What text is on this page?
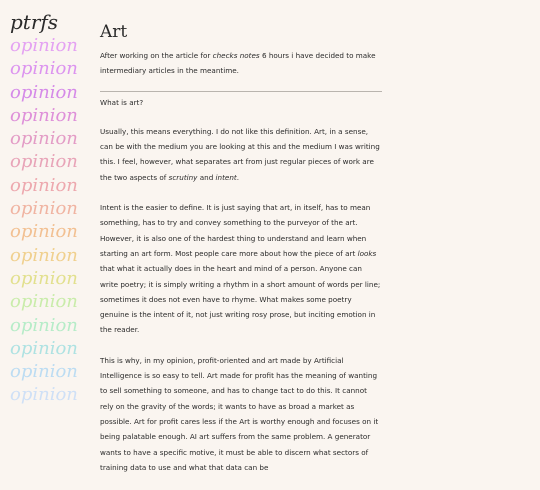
ptrfs
opinion
opinion
opinion
opinion
opinion
opinion
opinion
opinion
opinion
opinion
opinion
opinion
opinion
opinion
opinion
opinion
Art

After working on the article for checks notes 6 hours i have decided to make intermediary articles in the meantime.

What is art?

Usually, this means everything. I do not like this definition. Art, in a sense, can be with the medium you are looking at this and the medium I was writing this. I feel, however, what separates art from just regular pieces of work are the two aspects of scrutiny and intent.

Intent is the easier to define. It is just saying that art, in itself, has to mean something, has to try and convey something to the purveyor of the art. However, it is also one of the hardest thing to understand and learn when starting an art form. Most people care more about how the piece of art looks that what it actually does in the heart and mind of a person. Anyone can write poetry; it is simply writing a rhythm in a short amount of words per line; sometimes it does not even have to rhyme. What makes some poetry genuine is the intent of it, not just writing rosy prose, but inciting emotion in the reader.

This is why, in my opinion, profit-oriented and art made by Artificial Intelligence is so easy to tell. Art made for profit has the meaning of wanting to sell something to someone, and has to change tact to do this. It cannot rely on the gravity of the words; it wants to have as broad a market as possible. Art for profit cares less if the Art is worthy enough and focuses on it being palatable enough. AI art suffers from the same problem. A generator wants to have a specific motive, it must be able to discern what sectors of training data to use and what that data can be
